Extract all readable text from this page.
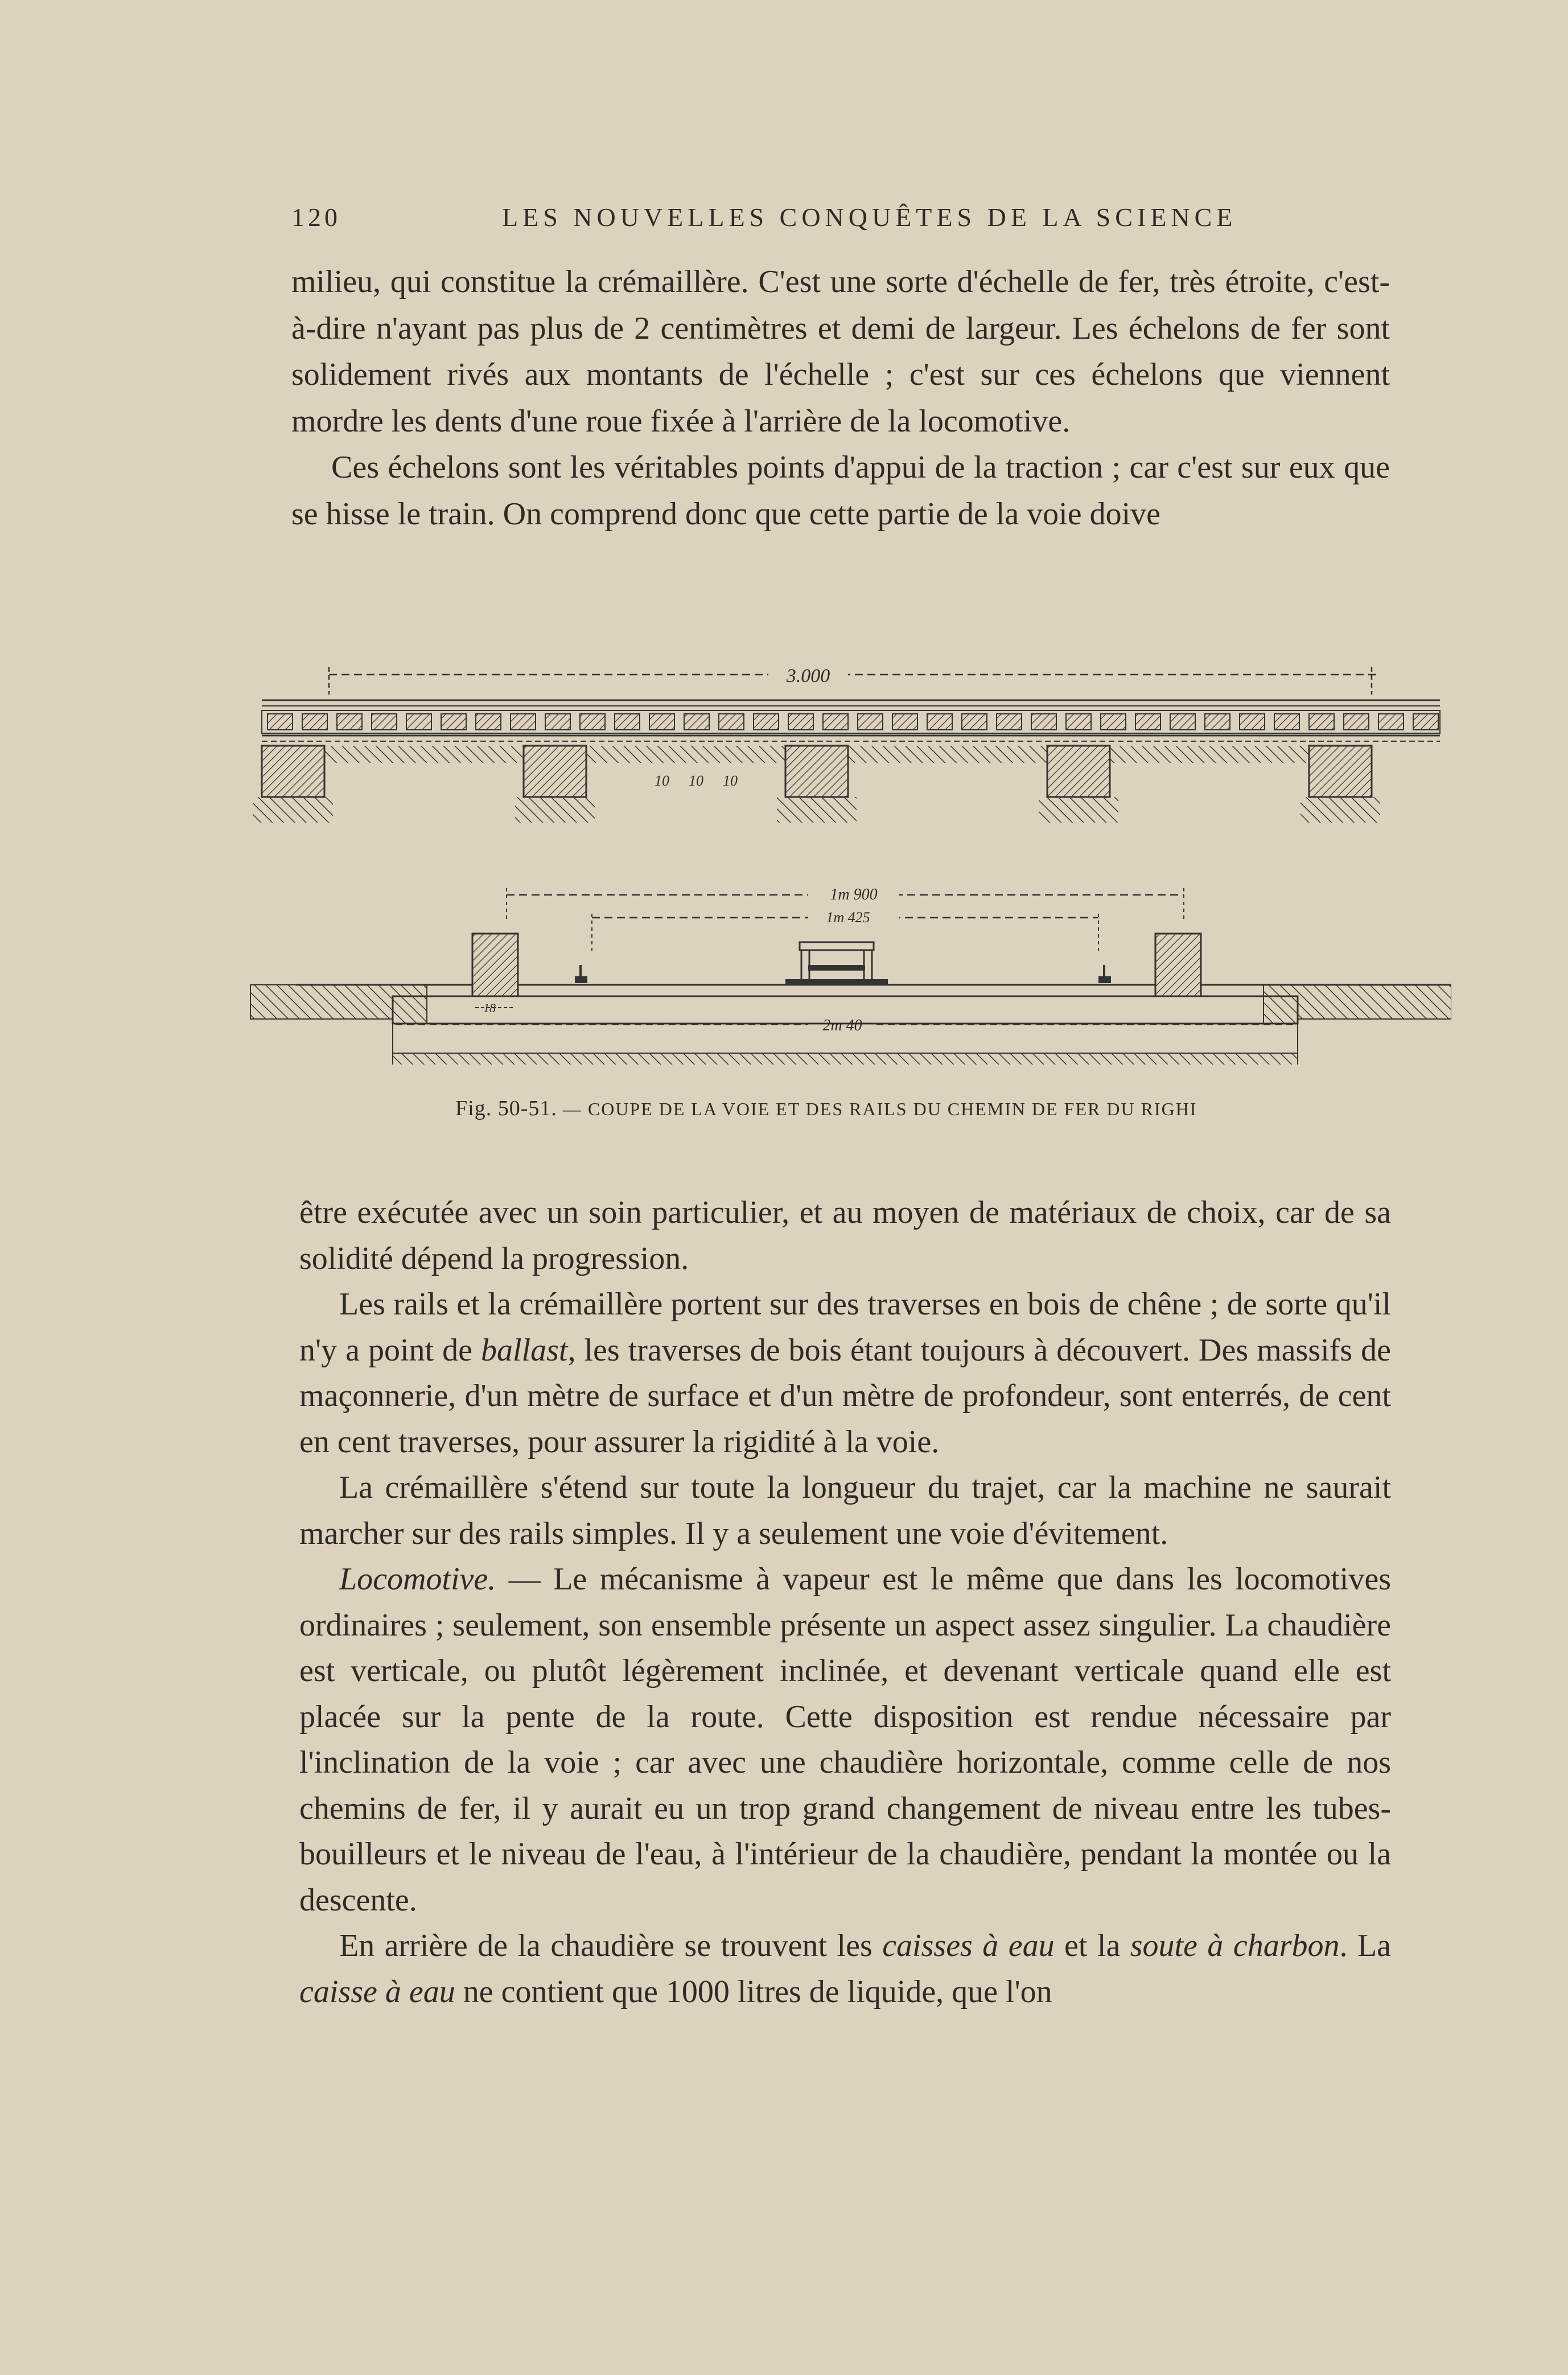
120	LES NOUVELLES CONQUÊTES DE LA SCIENCE

milieu, qui constitue la crémaillère. C'est une sorte d'échelle de fer, très étroite, c'est-à-dire n'ayant pas plus de 2 centimètres et demi de largeur. Les échelons de fer sont solidement rivés aux montants de l'échelle ; c'est sur ces échelons que viennent mordre les dents d'une roue fixée à l'arrière de la locomotive.

Ces échelons sont les véritables points d'appui de la traction ; car c'est sur eux que se hisse le train. On comprend donc que cette partie de la voie doive

3.000
10 10 10
1m 900
1m 425
18
2m 40
Fig. 50-51. — COUPE DE LA VOIE ET DES RAILS DU CHEMIN DE FER DU RIGHI

être exécutée avec un soin particulier, et au moyen de matériaux de choix, car de sa solidité dépend la progression.

Les rails et la crémaillère portent sur des traverses en bois de chêne ; de sorte qu'il n'y a point de ballast, les traverses de bois étant toujours à découvert. Des massifs de maçonnerie, d'un mètre de surface et d'un mètre de profondeur, sont enterrés, de cent en cent traverses, pour assurer la rigidité à la voie.

La crémaillère s'étend sur toute la longueur du trajet, car la machine ne saurait marcher sur des rails simples. Il y a seulement une voie d'évitement.

Locomotive. — Le mécanisme à vapeur est le même que dans les locomotives ordinaires ; seulement, son ensemble présente un aspect assez singulier. La chaudière est verticale, ou plutôt légèrement inclinée, et devenant verticale quand elle est placée sur la pente de la route. Cette disposition est rendue nécessaire par l'inclination de la voie ; car avec une chaudière horizontale, comme celle de nos chemins de fer, il y aurait eu un trop grand changement de niveau entre les tubes-bouilleurs et le niveau de l'eau, à l'intérieur de la chaudière, pendant la montée ou la descente.

En arrière de la chaudière se trouvent les caisses à eau et la soute à charbon. La caisse à eau ne contient que 1000 litres de liquide, que l'on
